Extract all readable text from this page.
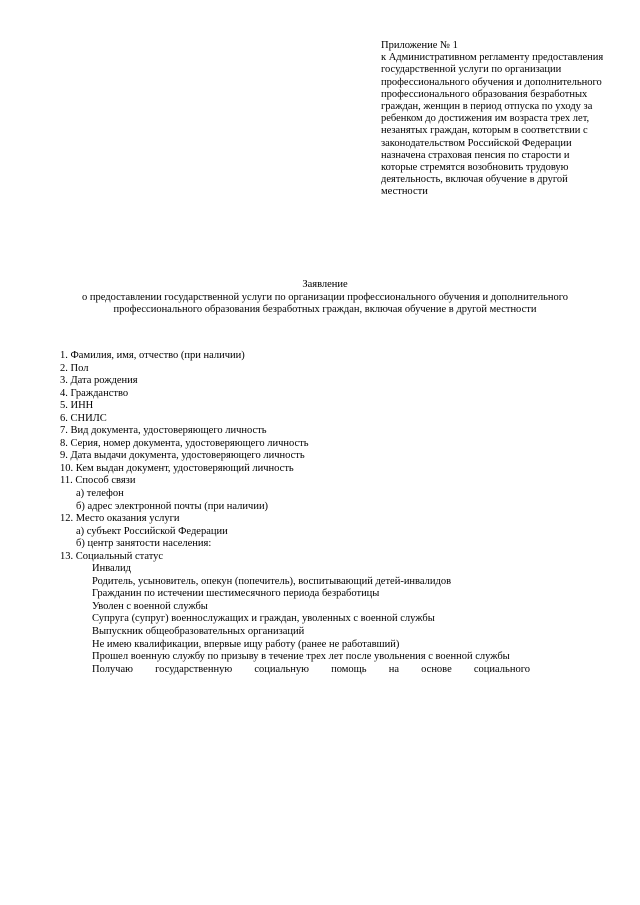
Приложение № 1
к Административном регламенту предоставления государственной услуги по организации профессионального обучения и дополнительного профессионального образования безработных граждан, женщин в период отпуска по уходу за ребенком до достижения им возраста трех лет, незанятых граждан, которым в соответствии с законодательством Российской Федерации назначена страховая пенсия по старости и которые стремятся возобновить трудовую деятельность, включая обучение в другой местности
Заявление
о предоставлении государственной услуги по организации профессионального обучения и дополнительного профессионального образования безработных граждан, включая обучение в другой местности
1. Фамилия, имя, отчество (при наличии)
2. Пол
3. Дата рождения
4. Гражданство
5. ИНН
6. СНИЛС
7. Вид документа, удостоверяющего личность
8. Серия, номер документа, удостоверяющего личность
9. Дата выдачи документа, удостоверяющего личность
10. Кем выдан документ, удостоверяющий личность
11. Способ связи
а) телефон
б) адрес электронной почты (при наличии)
12. Место оказания услуги
а) субъект Российской Федерации
б) центр занятости населения:
13. Социальный статус
Инвалид
Родитель, усыновитель, опекун (попечитель), воспитывающий детей-инвалидов
Гражданин по истечении шестимесячного периода безработицы
Уволен с военной службы
Супруга (супруг) военнослужащих и граждан, уволенных с военной службы
Выпускник общеобразовательных организаций
Не имею квалификации, впервые ищу работу (ранее не работавший)
Прошел военную службу по призыву в течение трех лет после увольнения с военной службы
Получаю государственную социальную помощь на основе социального
